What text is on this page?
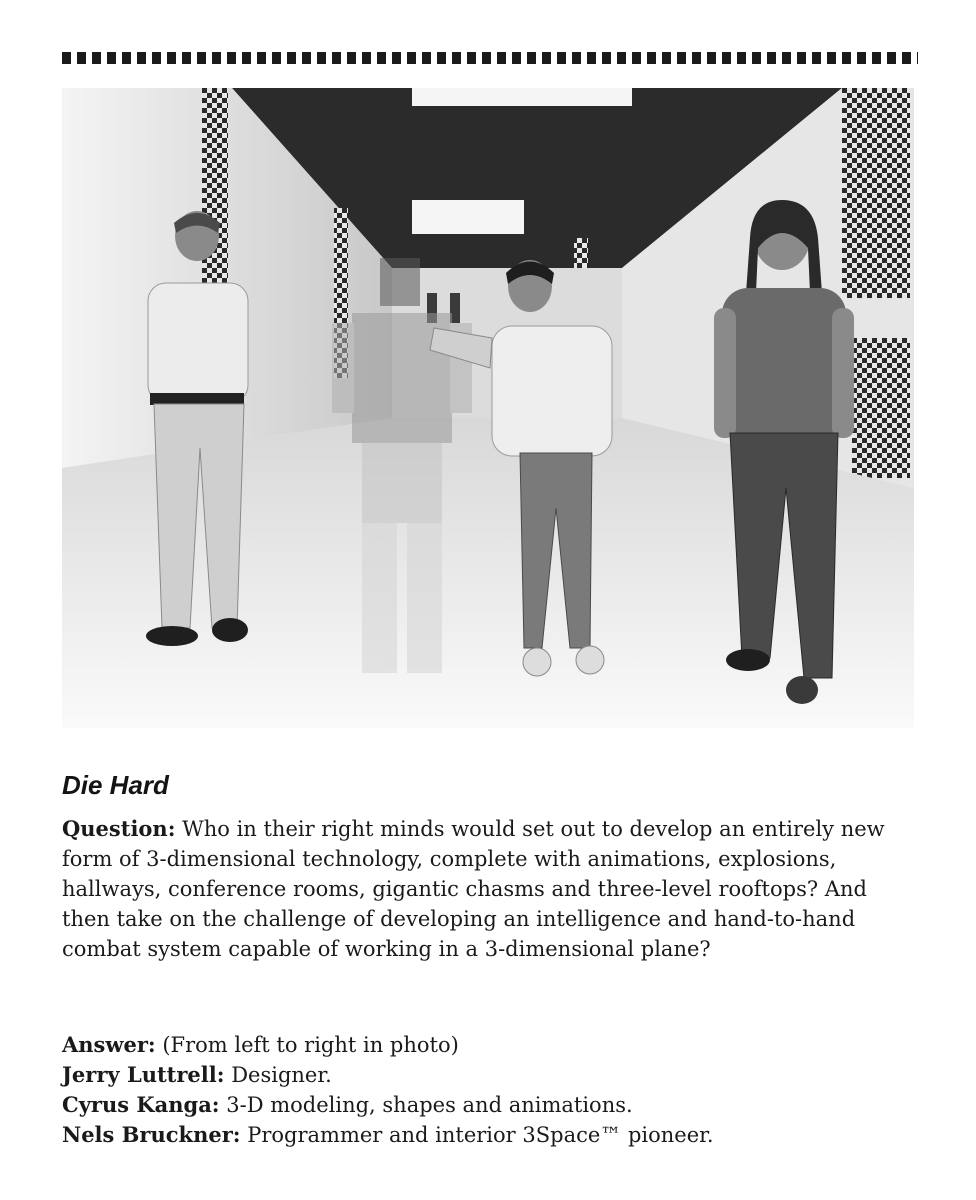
Die Hard

Question: Who in their right minds would set out to develop an entirely new form of 3-dimensional technology, complete with animations, explosions, hallways, conference rooms, gigantic chasms and three-level rooftops? And then take on the challenge of developing an intelligence and hand-to-hand combat system capable of working in a 3-dimensional plane?

Answer: (From left to right in photo)
Jerry Luttrell: Designer.
Cyrus Kanga: 3-D modeling, shapes and animations.
Nels Bruckner: Programmer and interior 3Space™ pioneer.
